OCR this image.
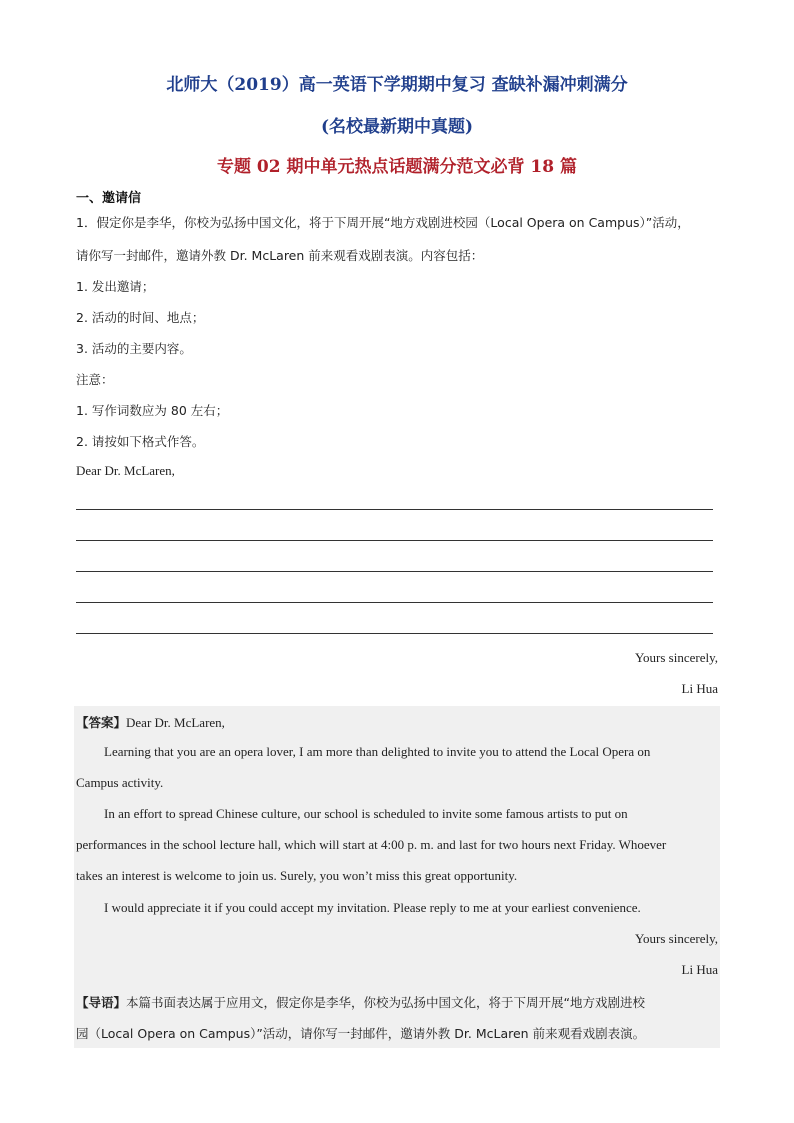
北师大（2019）高一英语下学期期中复习 查缺补漏冲刺满分
(名校最新期中真题)
专题 02 期中单元热点话题满分范文必背 18 篇
一、邀请信
1．假定你是李华，你校为弘扬中国文化，将于下周开展“地方戏剧进校园（Local Opera on Campus）”活动，
请你写一封邮件，邀请外教 Dr. McLaren 前来观看戏剧表演。内容包括：
1. 发出邀请；
2. 活动的时间、地点；
3. 活动的主要内容。
注意：
1. 写作词数应为 80 左右；
2. 请按如下格式作答。
Dear Dr. McLaren,
Yours sincerely,
Li Hua
【答案】Dear Dr. McLaren,
Learning that you are an opera lover, I am more than delighted to invite you to attend the Local Opera on
Campus activity.
In an effort to spread Chinese culture, our school is scheduled to invite some famous artists to put on
performances in the school lecture hall, which will start at 4:00 p. m. and last for two hours next Friday. Whoever
takes an interest is welcome to join us. Surely, you won’t miss this great opportunity.
I would appreciate it if you could accept my invitation. Please reply to me at your earliest convenience.
Yours sincerely,
Li Hua
【导语】本篇书面表达属于应用文，假定你是李华，你校为弘扬中国文化，将于下周开展“地方戏剧进校
园（Local Opera on Campus）”活动，请你写一封邮件，邀请外教 Dr. McLaren 前来观看戏剧表演。
